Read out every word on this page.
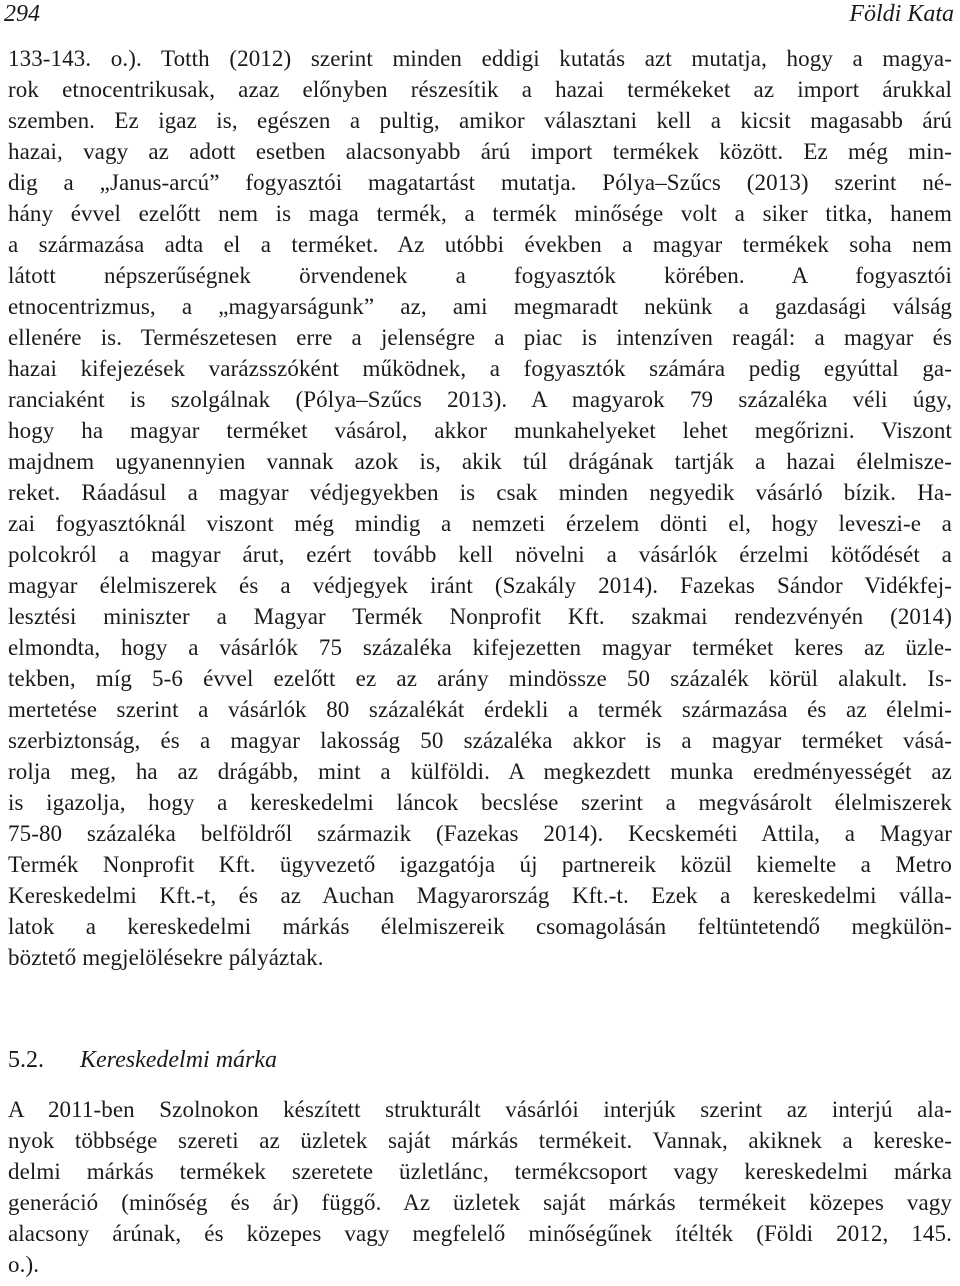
294	Földi Kata
133-143. o.). Totth (2012) szerint minden eddigi kutatás azt mutatja, hogy a magya-
rok etnocentrikusak, azaz előnyben részesítik a hazai termékeket az import árukkal
szemben. Ez igaz is, egészen a pultig, amikor választani kell a kicsit magasabb árú
hazai, vagy az adott esetben alacsonyabb árú import termékek között. Ez még min-
dig a „Janus-arcú” fogyasztói magatartást mutatja. Pólya–Szűcs (2013) szerint né-
hány évvel ezelőtt nem is maga termék, a termék minősége volt a siker titka, hanem
a származása adta el a terméket. Az utóbbi években a magyar termékek soha nem
látott népszerűségnek örvendenek a fogyasztók körében. A fogyasztói
etnocentrizmus, a „magyarságunk” az, ami megmaradt nekünk a gazdasági válság
ellenére is. Természetesen erre a jelenségre a piac is intenzíven reagál: a magyar és
hazai kifejezések varázsszóként működnek, a fogyasztók számára pedig egyúttal ga-
ranciaként is szolgálnak (Pólya–Szűcs 2013). A magyarok 79 százaléka véli úgy,
hogy ha magyar terméket vásárol, akkor munkahelyeket lehet megőrizni. Viszont
majdnem ugyanennyien vannak azok is, akik túl drágának tartják a hazai élelmisze-
reket. Ráadásul a magyar védjegyekben is csak minden negyedik vásárló bízik. Ha-
zai fogyasztóknál viszont még mindig a nemzeti érzelem dönti el, hogy leveszi-e a
polcokról a magyar árut, ezért tovább kell növelni a vásárlók érzelmi kötődését a
magyar élelmiszerek és a védjegyek iránt (Szakály 2014). Fazekas Sándor Vidékfej-
lesztési miniszter a Magyar Termék Nonprofit Kft. szakmai rendezvényén (2014)
elmondta, hogy a vásárlók 75 százaléka kifejezetten magyar terméket keres az üzle-
tekben, míg 5-6 évvel ezelőtt ez az arány mindössze 50 százalék körül alakult. Is-
mertetése szerint a vásárlók 80 százalékát érdekli a termék származása és az élelmi-
szerbiztonság, és a magyar lakosság 50 százaléka akkor is a magyar terméket vásá-
rolja meg, ha az drágább, mint a külföldi. A megkezdett munka eredményességét az
is igazolja, hogy a kereskedelmi láncok becslése szerint a megvásárolt élelmiszerek
75-80 százaléka belföldről származik (Fazekas 2014). Kecskeméti Attila, a Magyar
Termék Nonprofit Kft. ügyvezető igazgatója új partnereik közül kiemelte a Metro
Kereskedelmi Kft.-t, és az Auchan Magyarország Kft.-t. Ezek a kereskedelmi válla-
latok a kereskedelmi márkás élelmiszereik csomagolásán feltüntetendő megkülön-
böztető megjelölésekre pályáztak.
5.2. Kereskedelmi márka
A 2011-ben Szolnokon készített strukturált vásárlói interjúk szerint az interjú ala-
nyok többsége szereti az üzletek saját márkás termékeit. Vannak, akiknek a kereske-
delmi márkás termékek szeretete üzletlánc, termékcsoport vagy kereskedelmi márka
generáció (minőség és ár) függő. Az üzletek saját márkás termékeit közepes vagy
alacsony árúnak, és közepes vagy megfelelő minőségűnek ítélték (Földi 2012, 145.
o.).
